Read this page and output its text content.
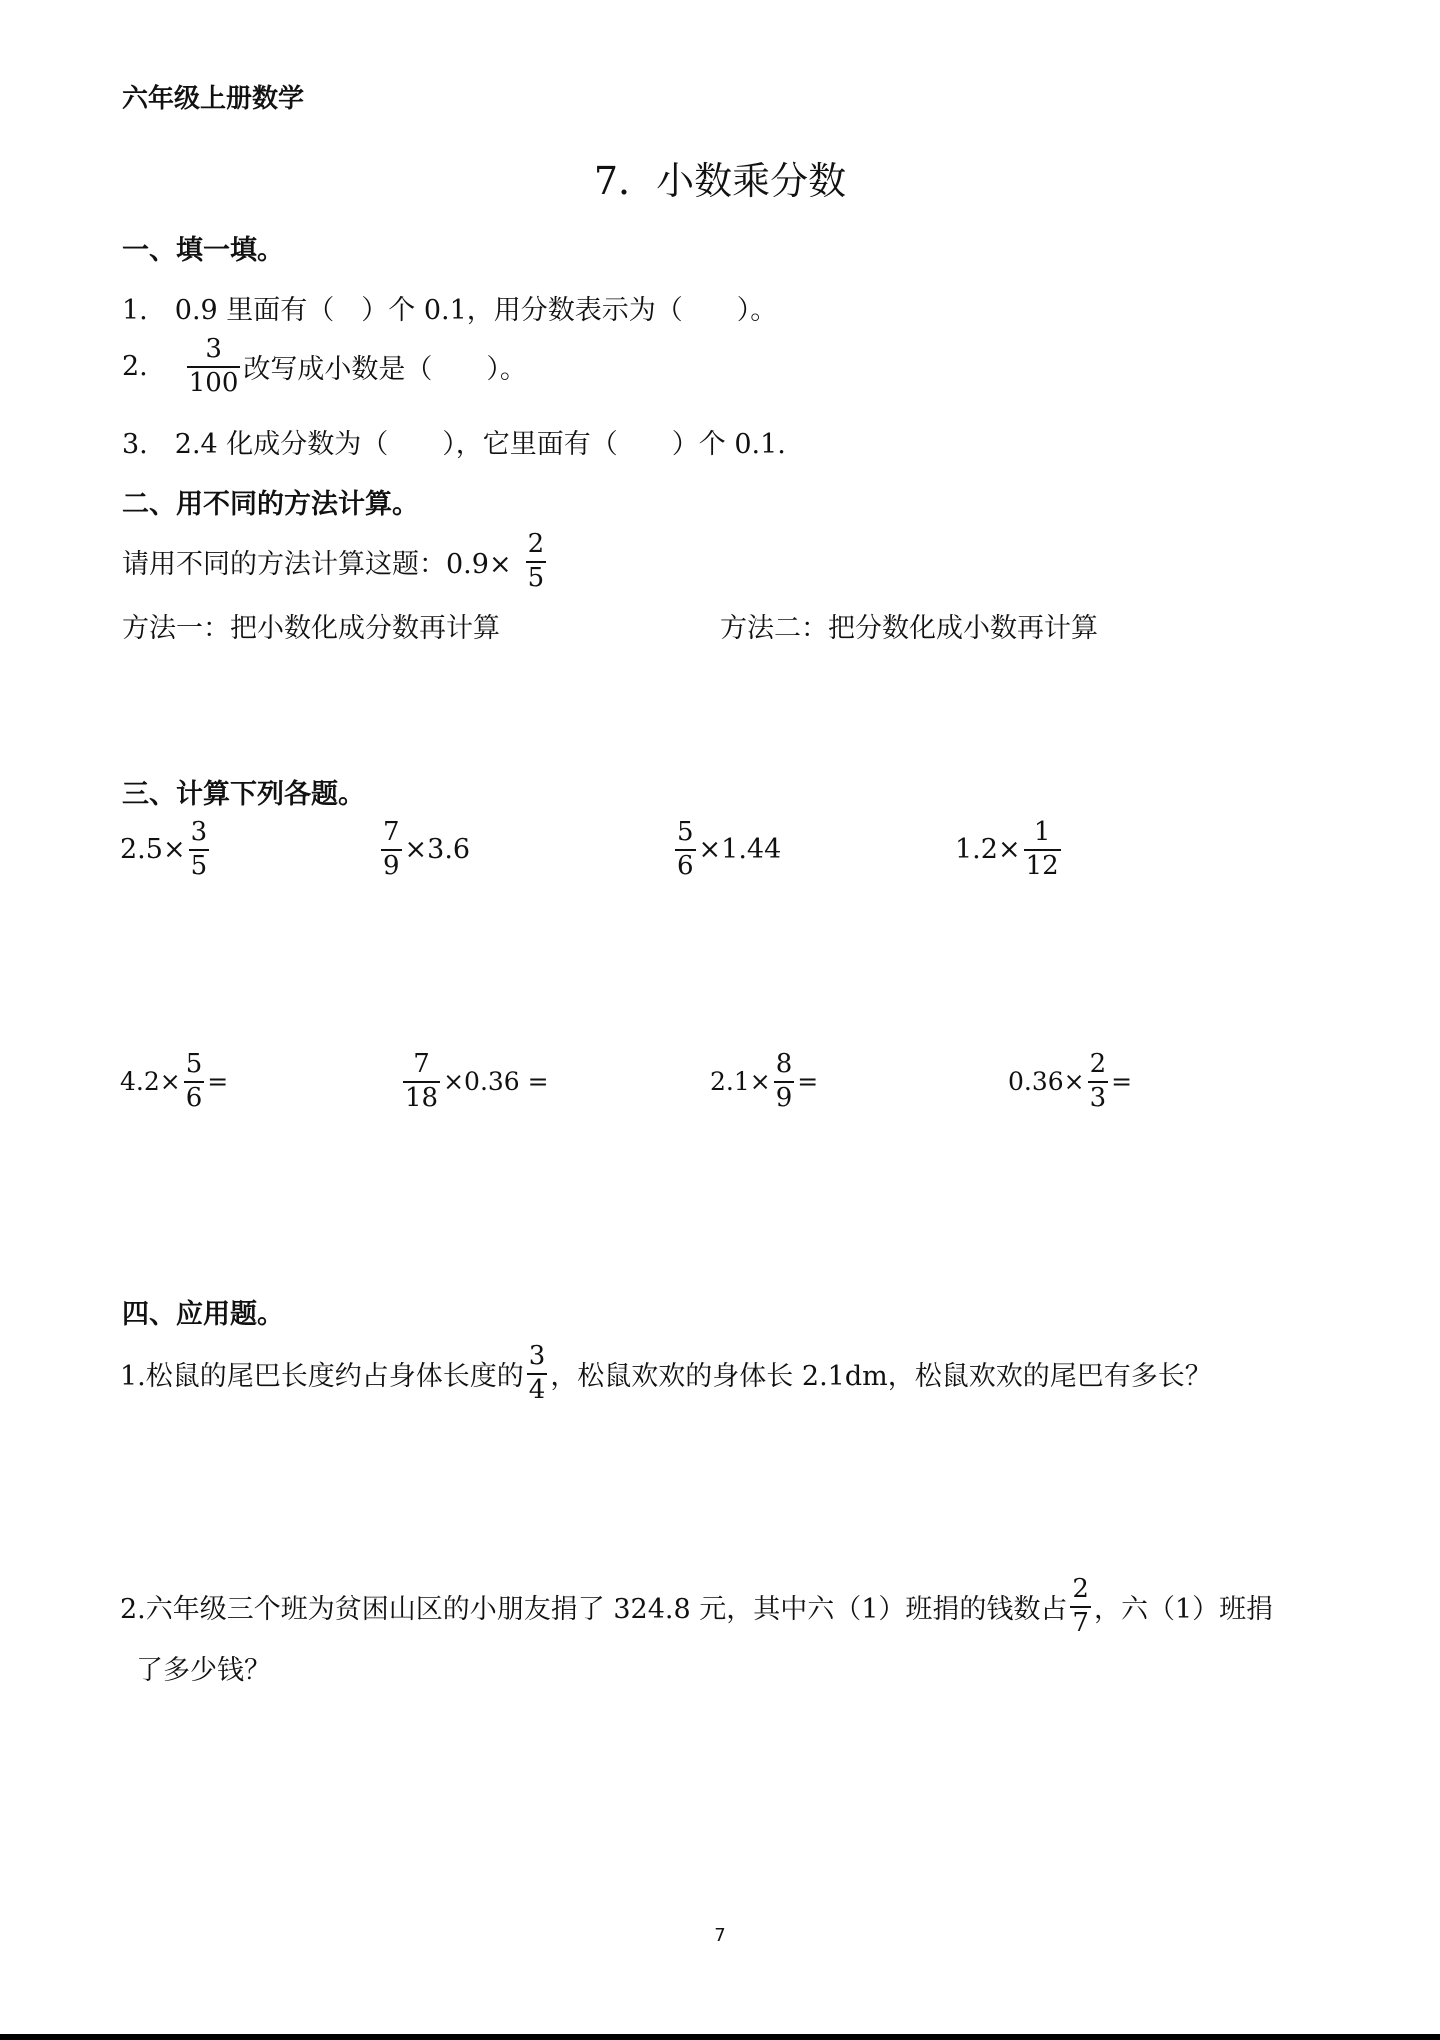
六年级上册数学
7．小数乘分数
一、填一填。
1.　0.9 里面有（　）个 0.1，用分数表示为（　　）。
2. $\frac{3}{100}$ 改写成小数是（　　）。
3.　2.4 化成分数为（　　），它里面有（　　）个 0.1.
二、用不同的方法计算。
请用不同的方法计算这题：$0.9\times \frac{2}{5}$
方法一：把小数化成分数再计算	方法二：把分数化成小数再计算
三、计算下列各题。
$2.5\times \frac{3}{5}$	$\frac{7}{9} \times 3.6$	$\frac{5}{6} \times 1.44$	$1.2\times \frac{1}{12}$
$4.2\times \frac{5}{6}$ =	$\frac{7}{18} \times 0.36$ =	$2.1\times \frac{8}{9}$ =	$0.36\times \frac{2}{3}$ =
四、应用题。
1.松鼠的尾巴长度约占身体长度的 $\frac{3}{4}$ ，松鼠欢欢的身体长 2.1dm，松鼠欢欢的尾巴有多长？
2.六年级三个班为贫困山区的小朋友捐了 324.8 元，其中六（1）班捐的钱数占 $\frac{2}{7}$ ，六（1）班捐
了多少钱？
7
